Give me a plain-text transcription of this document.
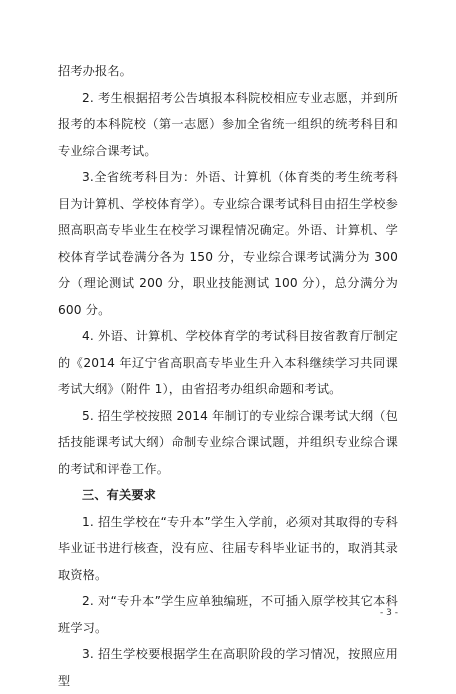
招考办报名。

2. 考生根据招考公告填报本科院校相应专业志愿，并到所报考的本科院校（第一志愿）参加全省统一组织的统考科目和专业综合课考试。

3.全省统考科目为：外语、计算机（体育类的考生统考科目为计算机、学校体育学）。专业综合课考试科目由招生学校参照高职高专毕业生在校学习课程情况确定。外语、计算机、学校体育学试卷满分各为 150 分，专业综合课考试满分为 300 分（理论测试 200 分，职业技能测试 100 分），总分满分为 600 分。

4. 外语、计算机、学校体育学的考试科目按省教育厅制定的《2014 年辽宁省高职高专毕业生升入本科继续学习共同课考试大纲》（附件 1），由省招考办组织命题和考试。

5. 招生学校按照 2014 年制订的专业综合课考试大纲（包括技能课考试大纲）命制专业综合课试题，并组织专业综合课的考试和评卷工作。

三、有关要求

1. 招生学校在“专升本”学生入学前，必须对其取得的专科毕业证书进行核查，没有应、往届专科毕业证书的，取消其录取资格。

2. 对“专升本”学生应单独编班，不可插入原学校其它本科班学习。

3. 招生学校要根据学生在高职阶段的学习情况，按照应用型

- 3 -
